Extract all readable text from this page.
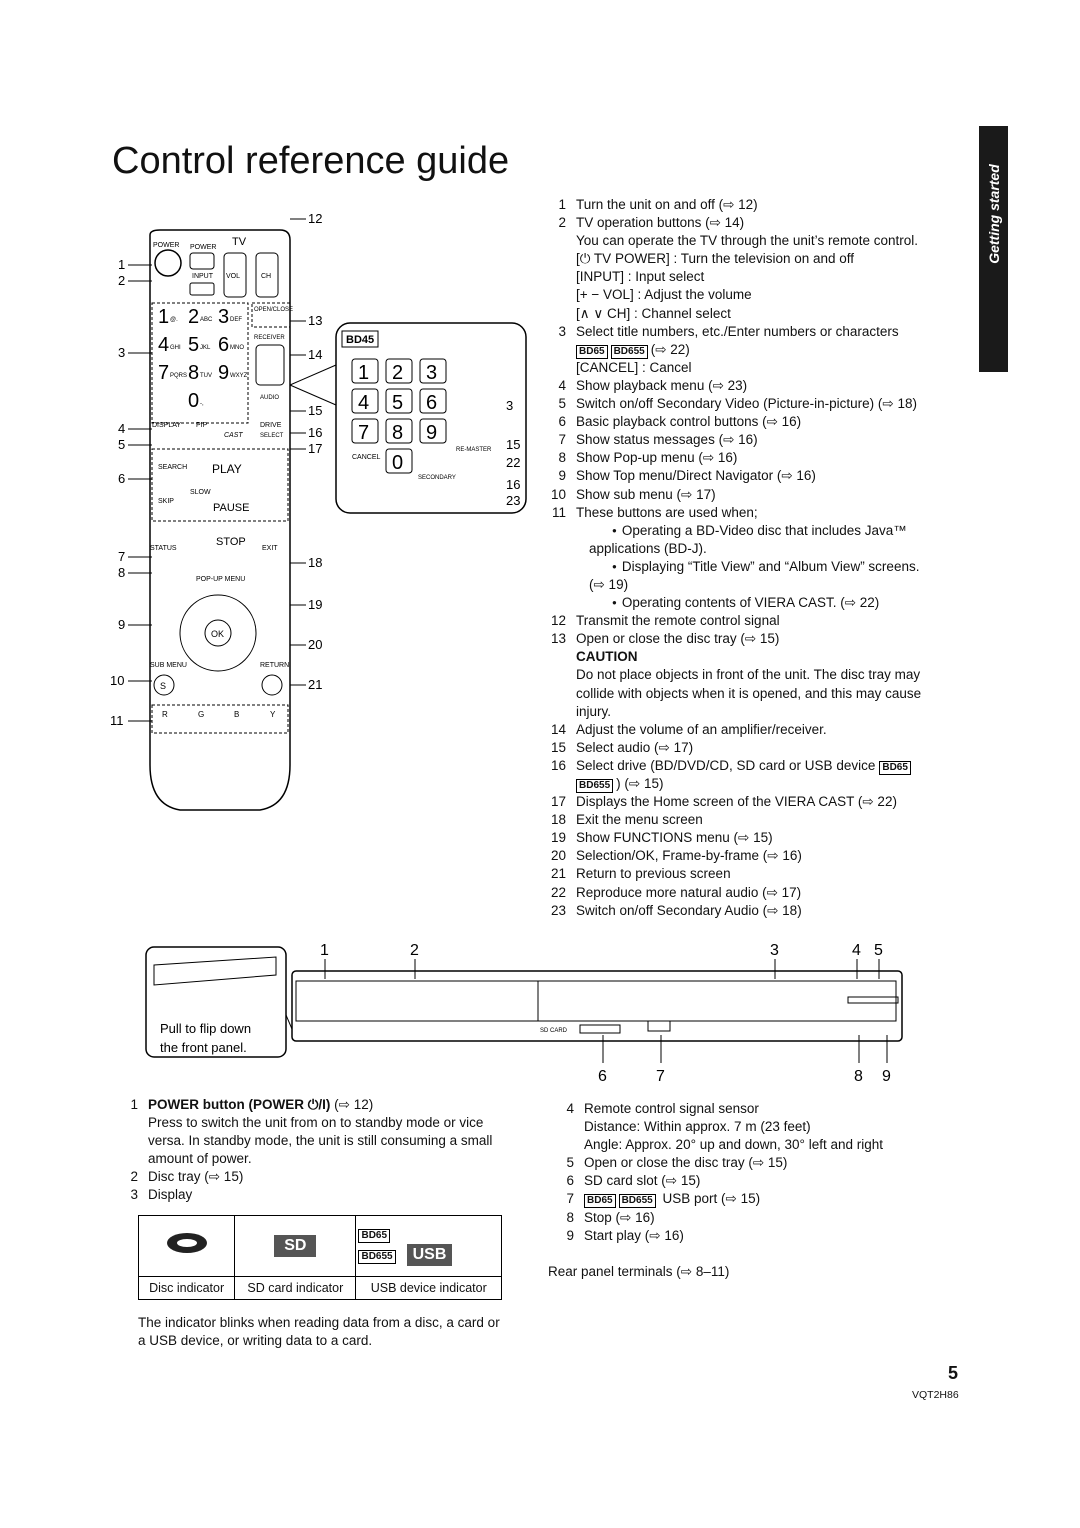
Control reference guide
Getting started
POWER POWER TV
INPUT VOL	CH
1 @. 2 ABC 3 DEF
4 GHI 5 JKL 6 MNO
7 PQRS 8 TUV 9 WXYZ
0 -,
OPEN/CLOSE
RECEIVER
AUDIO
DISPLAY PIP
CAST
DRIVE
SELECT
SEARCH PLAY
SLOW
SKIP
PAUSE
STOP
STATUS	EXIT
OK
POP-UP MENU
SUB MENU	RETURN
S
R	G	B	Y
1
2
3
4
5
6
7
8
9
10
11
12
13
14
15
16
17
18
19
20
21
BD45
1 2 3
4 5 6
7 8 9
0
CANCEL
RE-MASTER
SECONDARY
3
15
22
16
23
1 Turn the unit on and off (⇨ 12)
2 TV operation buttons (⇨ 14)
You can operate the TV through the unit’s remote control.
[⏻ TV POWER] : Turn the television on and off
[INPUT] : Input select
[+ − VOL] : Adjust the volume
[∧ ∨ CH] : Channel select
3 Select title numbers, etc./Enter numbers or characters
BD65 BD655 (⇨ 22)
[CANCEL] : Cancel
4 Show playback menu (⇨ 23)
5 Switch on/off Secondary Video (Picture-in-picture) (⇨ 18)
6 Basic playback control buttons (⇨ 16)
7 Show status messages (⇨ 16)
8 Show Pop-up menu (⇨ 16)
9 Show Top menu/Direct Navigator (⇨ 16)
10 Show sub menu (⇨ 17)
11 These buttons are used when;
● Operating a BD-Video disc that includes Java™
applications (BD-J).
● Displaying “Title View” and “Album View” screens.
(⇨ 19)
● Operating contents of VIERA CAST. (⇨ 22)
12 Transmit the remote control signal
13 Open or close the disc tray (⇨ 15)
CAUTION
Do not place objects in front of the unit. The disc tray may
collide with objects when it is opened, and this may cause
injury.
14 Adjust the volume of an amplifier/receiver.
15 Select audio (⇨ 17)
16 Select drive (BD/DVD/CD, SD card or USB device BD65
BD655 ) (⇨ 15)
17 Displays the Home screen of the VIERA CAST (⇨ 22)
18 Exit the menu screen
19 Show FUNCTIONS menu (⇨ 15)
20 Selection/OK, Frame-by-frame (⇨ 16)
21 Return to previous screen
22 Reproduce more natural audio (⇨ 17)
23 Switch on/off Secondary Audio (⇨ 18)
Pull to flip down
the front panel.
SD CARD
1	2	3	4 5
6	7	8 9
1 POWER button (POWER ⏻/I) (⇨ 12)
Press to switch the unit from on to standby mode or vice versa. In standby mode, the unit is still consuming a small amount of power.
2 Disc tray (⇨ 15)
3 Display
	SD	BD65
BD655 USB
Disc indicator	SD card indicator	USB device indicator
The indicator blinks when reading data from a disc, a card or a USB device, or writing data to a card.
4 Remote control signal sensor
Distance: Within approx. 7 m (23 feet)
Angle: Approx. 20° up and down, 30° left and right
5 Open or close the disc tray (⇨ 15)
6 SD card slot (⇨ 15)
7	BD65 BD655 USB port (⇨ 15)
8 Stop (⇨ 16)
9 Start play (⇨ 16)
Rear panel terminals (⇨ 8–11)
5
VQT2H86
